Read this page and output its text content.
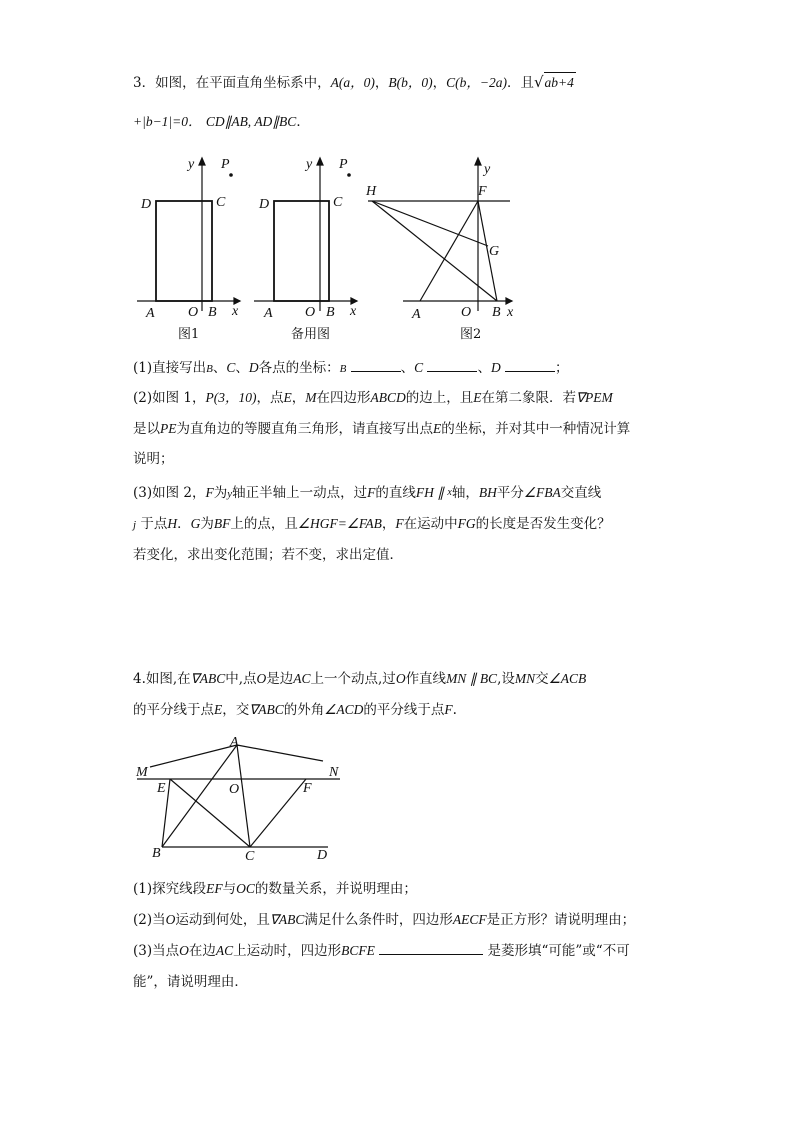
3．如图，在平面直角坐标系中，A(a，0)，B(b，0)，C(b，−2a)．且√ab+4
+|b−1|=0． CD∥AB, AD∥BC．
y P
D	C
A O B x
图1
y P
D	C
A O B x
备用图
y
H	F
G
A	O B x
图2
(1)直接写出B、C、D各点的坐标：B	、C	、D	；
(2)如图 1，P(3，10)，点E，M在四边形ABCD的边上，且E在第二象限．若∇PEM
是以PE为直角边的等腰直角三角形，请直接写出点E的坐标，并对其中一种情况计算
说明；
(3)如图 2，F为y轴正半轴上一动点，过F的直线FH ∥ $^x$轴，BH平分∠FBA交直线
j 于点H．G为BF上的点，且∠HGF=∠FAB，F在运动中FG的长度是否发生变化？
若变化，求出变化范围；若不变，求出定值．
4.如图,在∇ABC中,点O是边AC上一个动点,过O作直线MN ∥ BC,设MN交∠ACB
的平分线于点E，交∇ABC的外角∠ACD的平分线于点F.
A
M	N
E	O	F
B	C	D
(1)探究线段EF与OC的数量关系，并说明理由；
(2)当O运动到何处，且∇ABC满足什么条件时，四边形AECF是正方形？请说明理由；
(3)当点O在边AC上运动时，四边形BCFE	是菱形填“可能”或“不可
能”，请说明理由．
